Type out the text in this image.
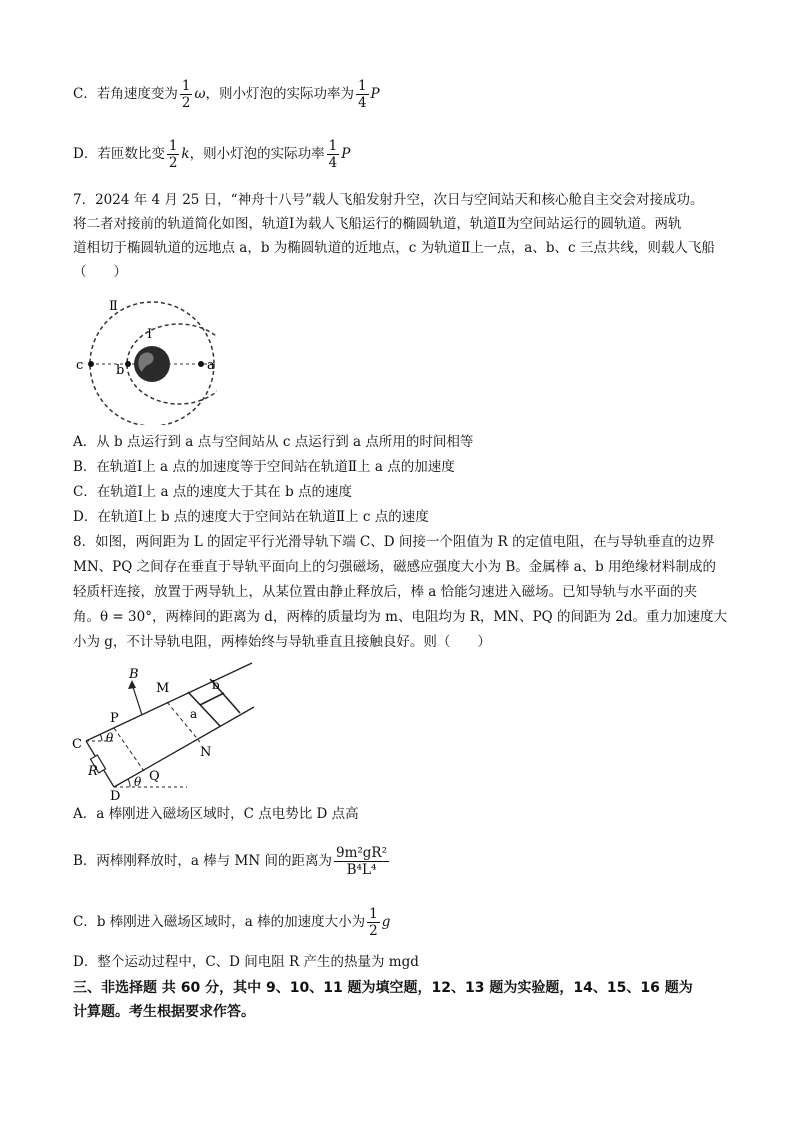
C．若角速度变为 $\frac{1}{2}$ ω，则小灯泡的实际功率为 $\frac{1}{4}$ P
D．若匝数比变 $\frac{1}{2}$ k，则小灯泡的实际功率 $\frac{1}{4}$ P
7．2024 年 4 月 25 日，“神舟十八号”载人飞船发射升空，次日与空间站天和核心舱自主交会对接成功。
将二者对接前的轨道简化如图，轨道Ⅰ为载人飞船运行的椭圆轨道，轨道Ⅱ为空间站运行的圆轨道。两轨
道相切于椭圆轨道的远地点 a，b 为椭圆轨道的近地点，c 为轨道Ⅱ上一点，a、b、c 三点共线，则载人飞船
（　　）
Ⅱ
Ⅰ
c	b	a
A．从 b 点运行到 a 点与空间站从 c 点运行到 a 点所用的时间相等
B．在轨道Ⅰ上 a 点的加速度等于空间站在轨道Ⅱ上 a 点的加速度
C．在轨道Ⅰ上 a 点的速度大于其在 b 点的速度
D．在轨道Ⅰ上 b 点的速度大于空间站在轨道Ⅱ上 c 点的速度
8．如图，两间距为 L 的固定平行光滑导轨下端 C、D 间接一个阻值为 R 的定值电阻，在与导轨垂直的边界
MN、PQ 之间存在垂直于导轨平面向上的匀强磁场，磁感应强度大小为 B。金属棒 a、b 用绝缘材料制成的
轻质杆连接，放置于两导轨上，从某位置由静止释放后，棒 a 恰能匀速进入磁场。已知导轨与水平面的夹
角。θ = 30°，两棒间的距离为 d，两棒的质量均为 m、电阻均为 R，MN、PQ 的间距为 2d。重力加速度大
小为 g，不计导轨电阻，两棒始终与导轨垂直且接触良好。则（　　）
B
M
N
P
Q
C
D
R
a
b
θ
θ
A．a 棒刚进入磁场区域时，C 点电势比 D 点高
B．两棒刚释放时，a 棒与 MN 间的距离为 $\frac{\text{9m²gR²}}{\text{B⁴L⁴}}$
C．b 棒刚进入磁场区域时，a 棒的加速度大小为 $\frac{1}{2}$ g
D．整个运动过程中，C、D 间电阻 R 产生的热量为 mgd
三、非选择题 共 60 分，其中 9、10、11 题为填空题，12、13 题为实验题，14、15、16 题为
计算题。考生根据要求作答。
